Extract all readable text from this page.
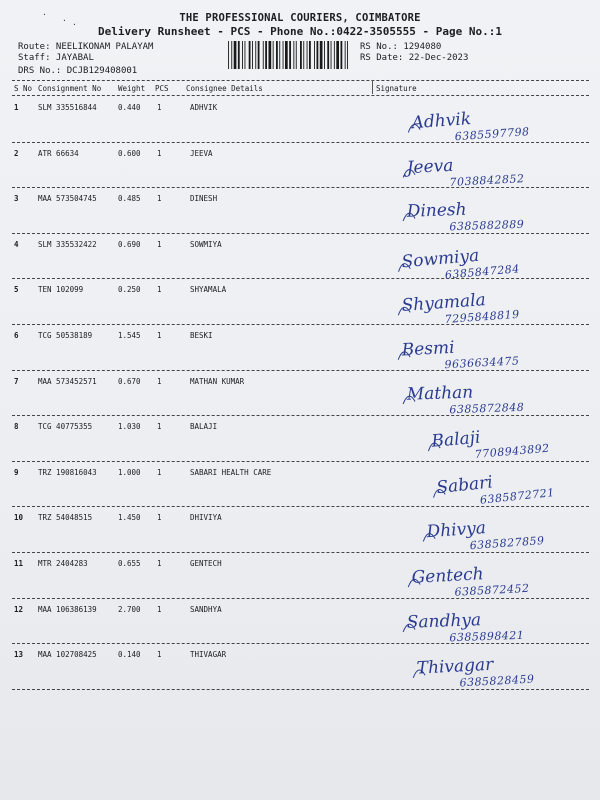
.
.
·
THE PROFESSIONAL COURIERS, COIMBATORE
Delivery Runsheet - PCS - Phone No.:0422-3505555 - Page No.:1
Route: NEELIKONAM PALAYAM
Staff: JAYABAL
DRS No.: DCJB129408001
RS No.: 1294080
RS Date: 22-Dec-2023
S No Consignment No Weight PCS Consignee Details	Signature
1	SLM 335516844	0.440 1	ADHVIK
Adhvik
6385597798
2	ATR 66634	0.600 1	JEEVA
Jeeva
7038842852
3	MAA 573504745	0.485 1	DINESH
Dinesh
6385882889
4	SLM 335532422	0.690 1	SOWMIYA
Sowmiya
6385847284
5	TEN 102099	0.250 1	SHYAMALA
Shyamala
7295848819
6	TCG 50538189	1.545 1	BESKI
Besmi
9636634475
7	MAA 573452571	0.670 1	MATHAN KUMAR
Mathan
6385872848
8	TCG 40775355	1.030 1	BALAJI
Balaji
7708943892
9	TRZ 190816043	1.000 1	SABARI HEALTH CARE	Sabari
6385872721
10 TRZ 54048515	1.450 1	DHIVIYA
Dhivya
6385827859
11 MTR 2404283	0.655 1	GENTECH
Gentech
6385872452
12 MAA 106386139	2.700 1	SANDHYA
Sandhya
6385898421
13 MAA 102708425	0.140 1	THIVAGAR
Thivagar
6385828459
